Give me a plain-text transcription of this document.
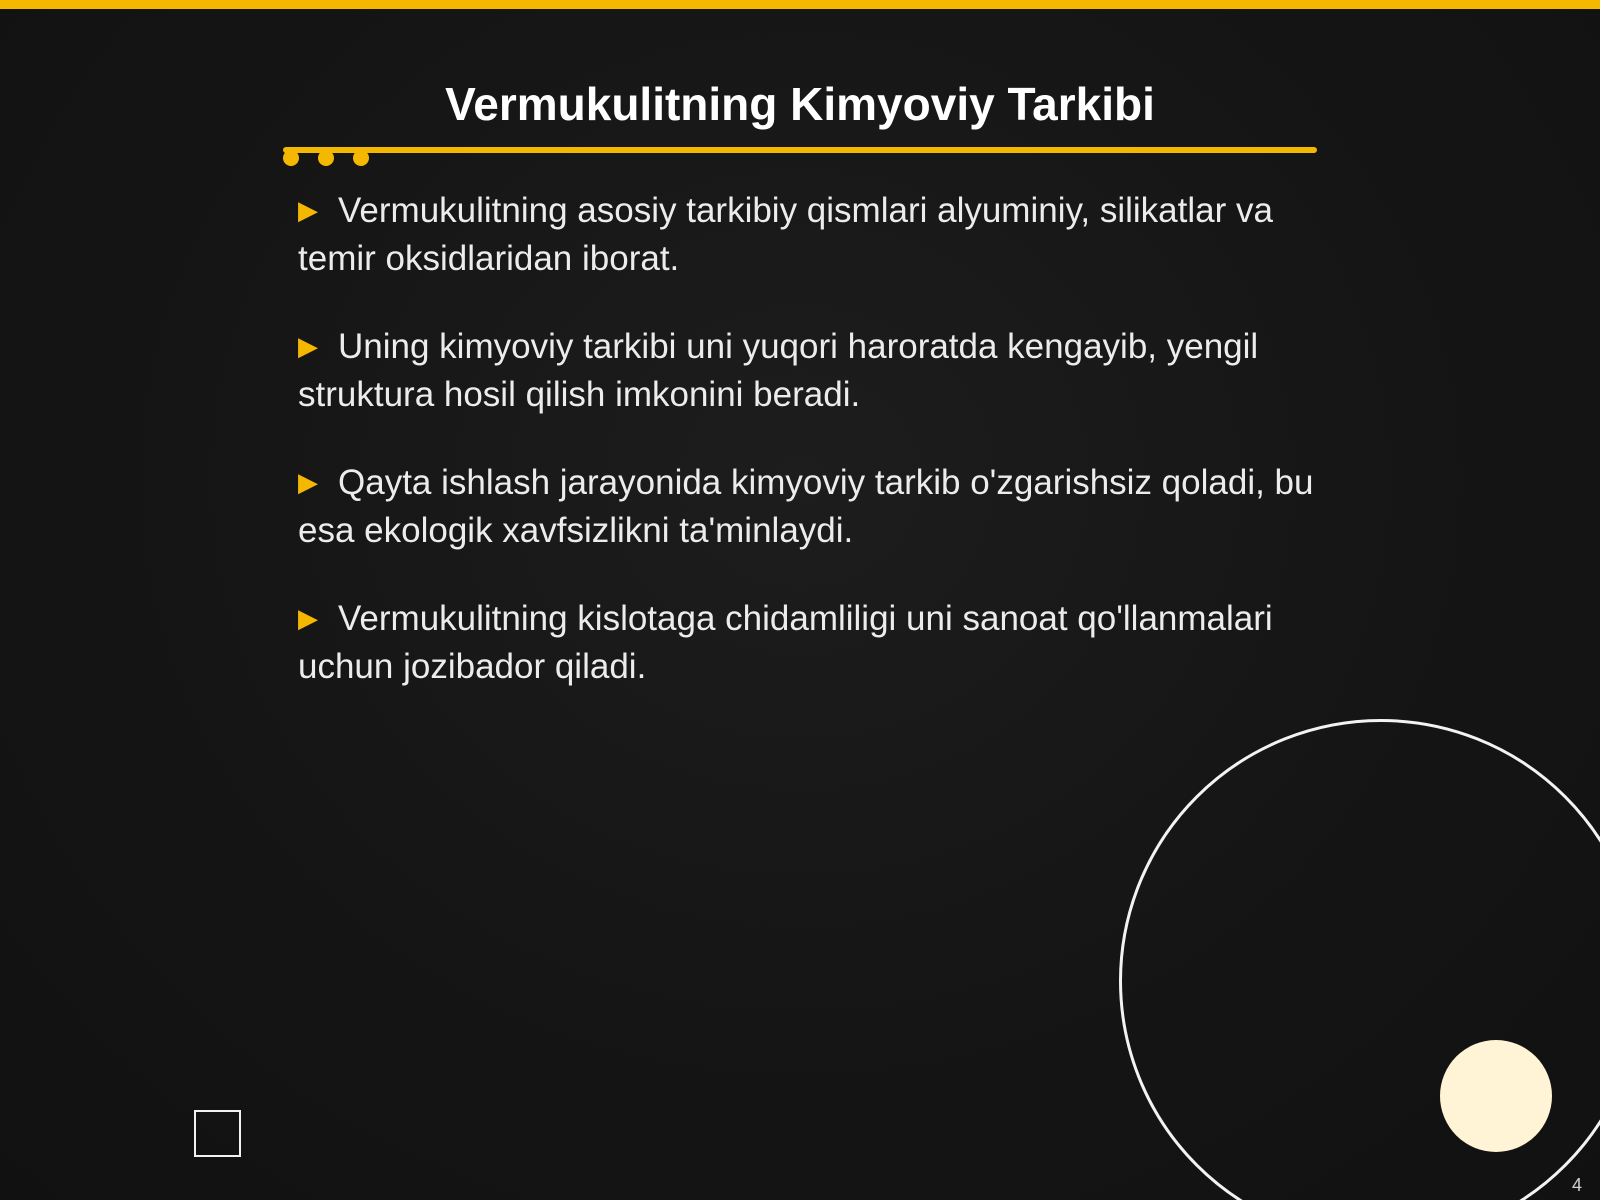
Vermukulitning Kimyoviy Tarkibi
▶ Vermukulitning asosiy tarkibiy qismlari alyuminiy, silikatlar va temir oksidlaridan iborat.
▶ Uning kimyoviy tarkibi uni yuqori haroratda kengayib, yengil struktura hosil qilish imkonini beradi.
▶ Qayta ishlash jarayonida kimyoviy tarkib o'zgarishsiz qoladi, bu esa ekologik xavfsizlikni ta'minlaydi.
▶ Vermukulitning kislotaga chidamliligi uni sanoat qo'llanmalari uchun jozibador qiladi.
4
